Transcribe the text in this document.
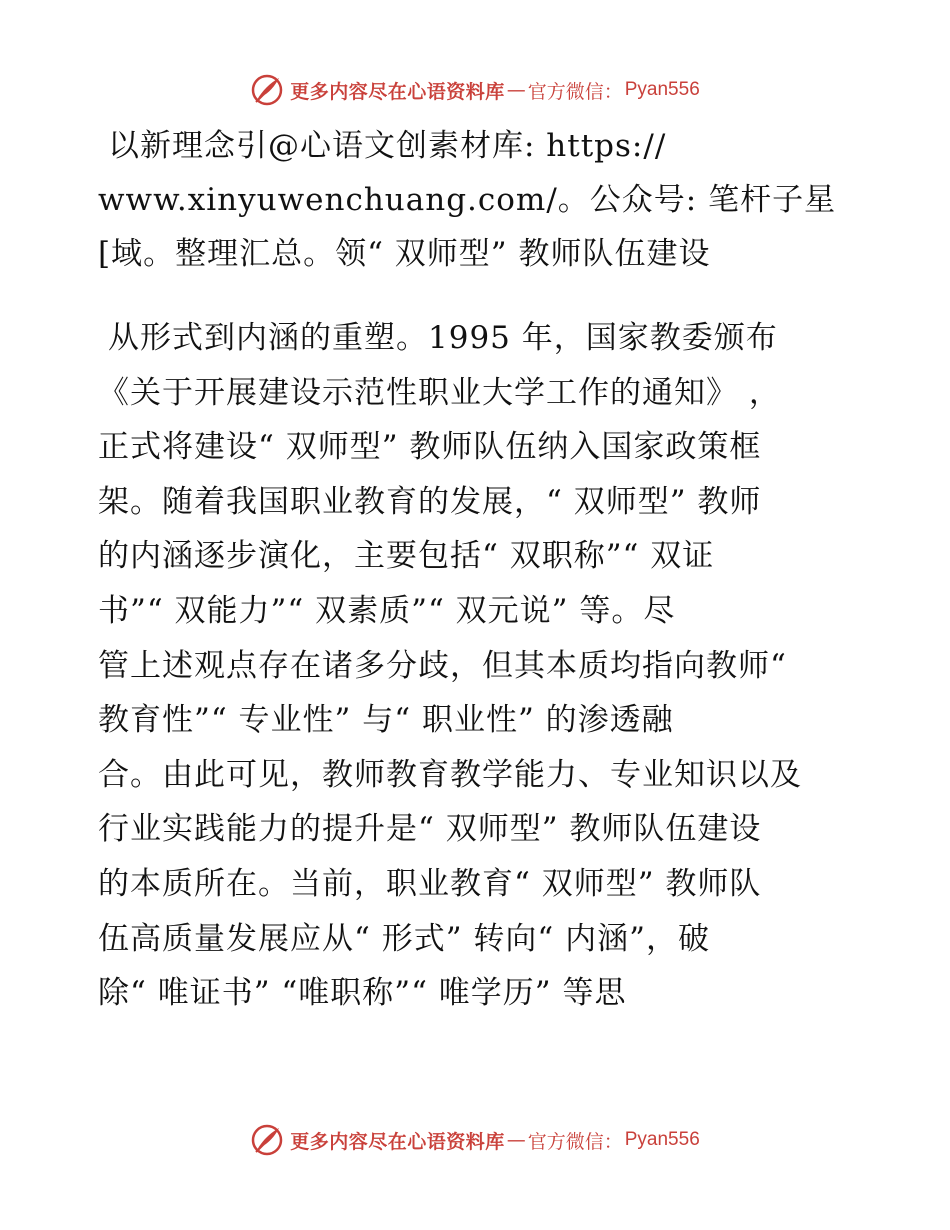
更多内容尽在心语资料库 — 官方微信： Pyan556
以新理念引@心语文创素材库: https://
www.xinyuwenchuang.com/。公众号: 笔杆子星
[域。整理汇总。领“ 双师型” 教师队伍建设
从形式到内涵的重塑。1995 年，国家教委颁布
《关于开展建设示范性职业大学工作的通知》 ，
正式将建设“ 双师型” 教师队伍纳入国家政策框
架。随着我国职业教育的发展，“ 双师型” 教师
的内涵逐步演化，主要包括“ 双职称”“ 双证
书”“ 双能力”“ 双素质”“ 双元说” 等。尽
管上述观点存在诸多分歧，但其本质均指向教师“
教育性”“ 专业性” 与“ 职业性” 的渗透融
合。由此可见，教师教育教学能力、专业知识以及
行业实践能力的提升是“ 双师型” 教师队伍建设
的本质所在。当前，职业教育“ 双师型” 教师队
伍高质量发展应从“ 形式” 转向“ 内涵”，破
除“ 唯证书” “唯职称”“ 唯学历” 等思
更多内容尽在心语资料库 — 官方微信： Pyan556
